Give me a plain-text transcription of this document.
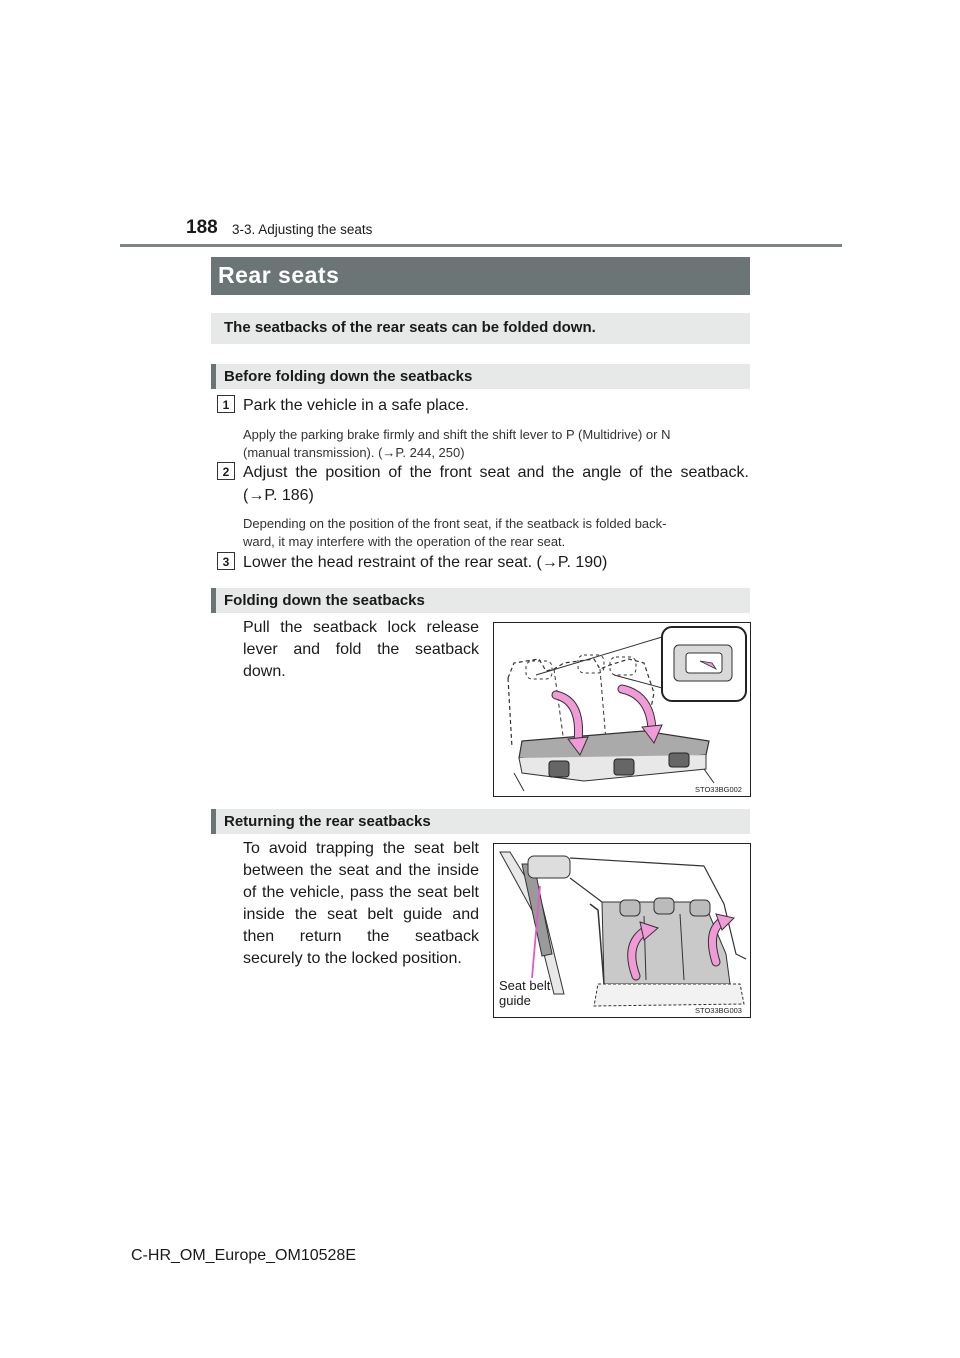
188 3-3. Adjusting the seats
Rear seats
The seatbacks of the rear seats can be folded down.
Before folding down the seatbacks
1 Park the vehicle in a safe place.
Apply the parking brake firmly and shift the shift lever to P (Multidrive) or N
(manual transmission). (→P. 244, 250)
2 Adjust the position of the front seat and the angle of the seatback.
(→P. 186)
Depending on the position of the front seat, if the seatback is folded back-
ward, it may interfere with the operation of the rear seat.
3 Lower the head restraint of the rear seat. (→P. 190)
Folding down the seatbacks
Pull the seatback lock release lever and fold the seatback down.
STO33BG002
Returning the rear seatbacks
To avoid trapping the seat belt between the seat and the inside of the vehicle, pass the seat belt inside the seat belt guide and then return the seatback securely to the locked position.
Seat belt
guide
STO33BG003
C-HR_OM_Europe_OM10528E
